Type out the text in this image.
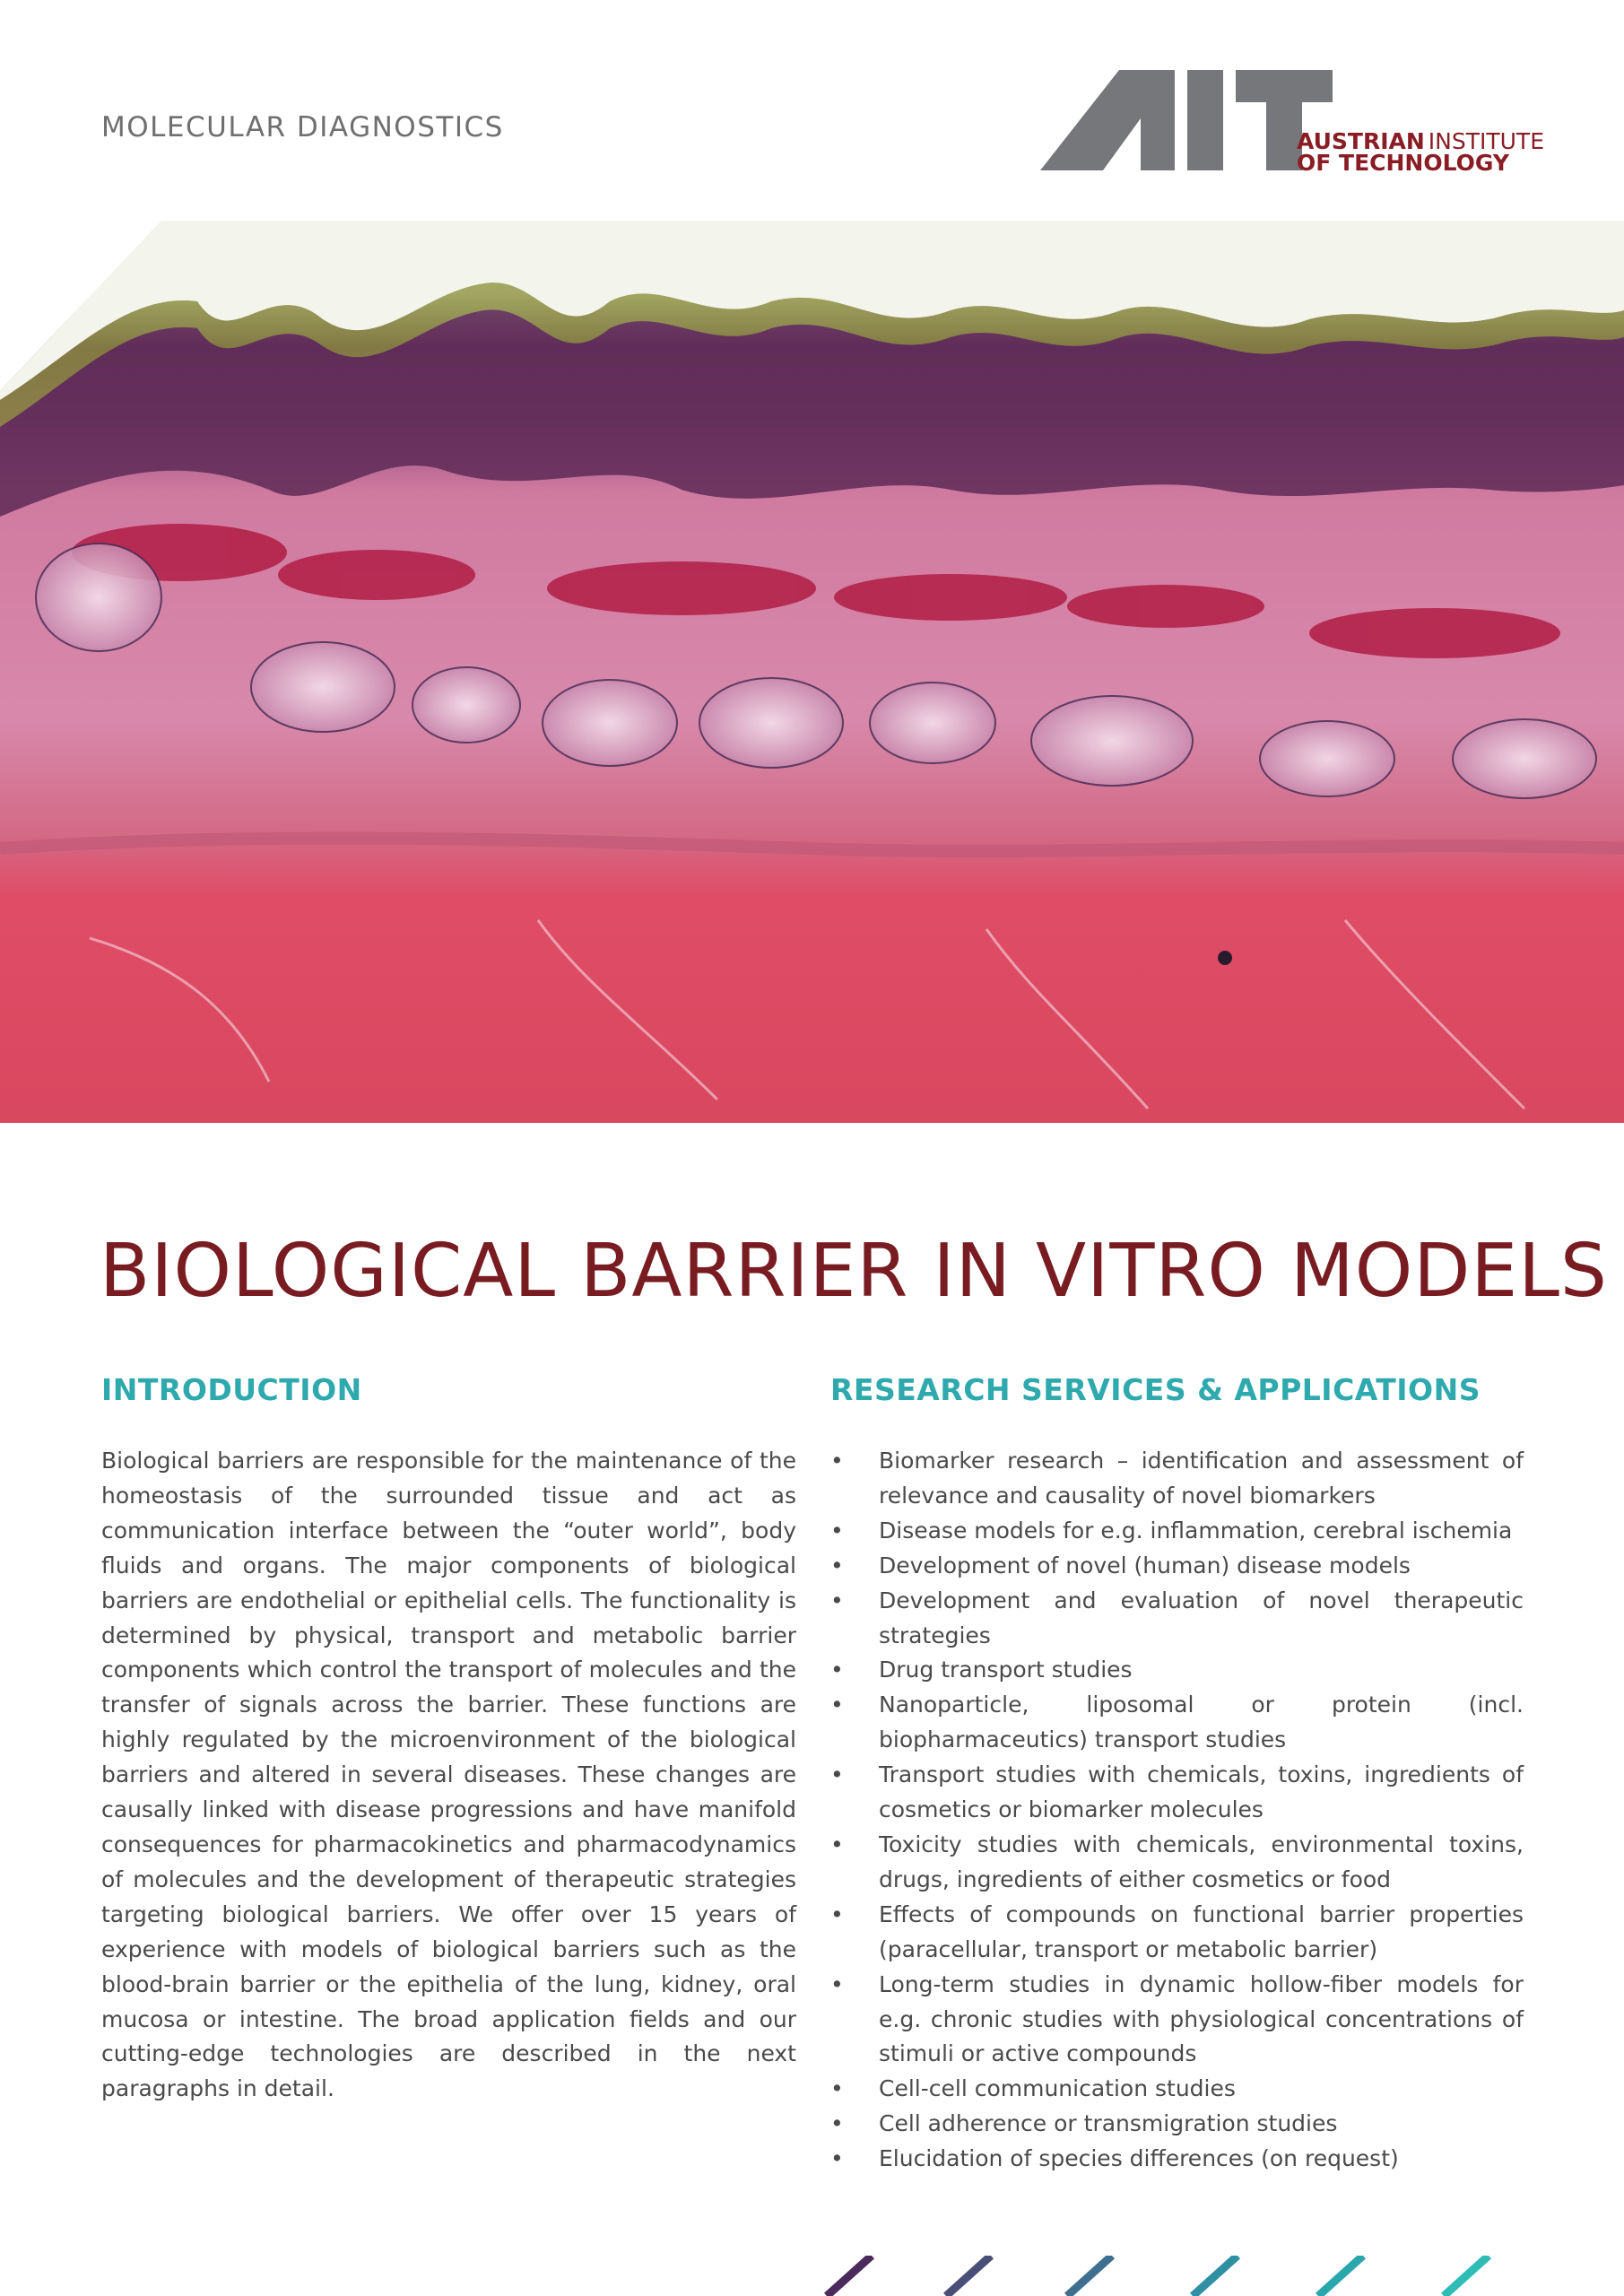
MOLECULAR DIAGNOSTICS	AUSTRIAN INSTITUTE
OF TECHNOLOGY
BIOLOGICAL BARRIER IN VITRO MODELS
INTRODUCTION

Biological barriers are responsible for the maintenance of the homeostasis of the surrounded tissue and act as communication interface between the “outer world”, body fluids and organs. The major components of biological barriers are endothelial or epithelial cells. The functionality is determined by physical, transport and metabolic barrier components which control the transport of molecules and the transfer of signals across the barrier. These functions are highly regulated by the microenvironment of the biological barriers and altered in several diseases. These changes are causally linked with disease progressions and have manifold consequences for pharmacokinetics and pharmacodynamics of molecules and the development of therapeutic strategies targeting biological barriers. We offer over 15 years of experience with models of biological barriers such as the blood-brain barrier or the epithelia of the lung, kidney, oral mucosa or intestine. The broad application fields and our cutting-edge technologies are described in the next paragraphs in detail.

RESEARCH SERVICES & APPLICATIONS
• Biomarker research – identification and assessment of relevance and causality of novel biomarkers
• Disease models for e.g. inflammation, cerebral ischemia
• Development of novel (human) disease models
• Development and evaluation of novel therapeutic strategies
• Drug transport studies
• Nanoparticle, liposomal or protein (incl. biopharmaceutics) transport studies
• Transport studies with chemicals, toxins, ingredients of cosmetics or biomarker molecules
• Toxicity studies with chemicals, environmental toxins, drugs, ingredients of either cosmetics or food
• Effects of compounds on functional barrier properties (paracellular, transport or metabolic barrier)
• Long-term studies in dynamic hollow-fiber models for e.g. chronic studies with physiological concentrations of stimuli or active compounds
• Cell-cell communication studies
• Cell adherence or transmigration studies
• Elucidation of species differences (on request)
